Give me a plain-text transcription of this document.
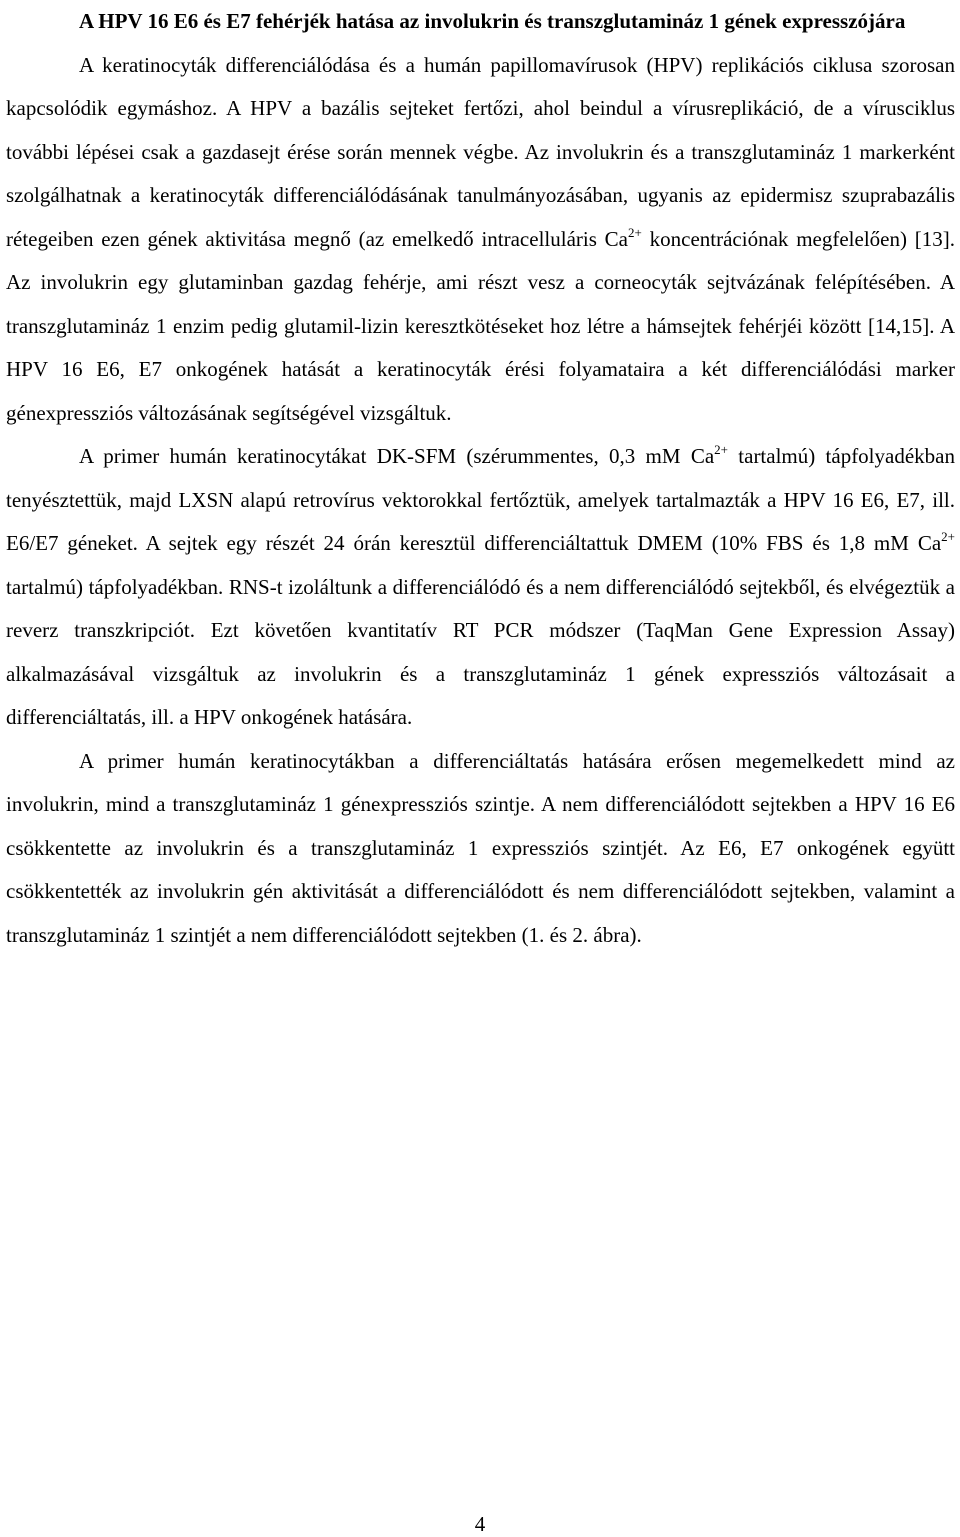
A HPV 16 E6 és E7 fehérjék hatása az involukrin és transzglutamináz 1 gének expresszójára

A keratinocyták differenciálódása és a humán papillomavírusok (HPV) replikációs ciklusa szorosan kapcsolódik egymáshoz. A HPV a bazális sejteket fertőzi, ahol beindul a vírusreplikáció, de a vírusciklus további lépései csak a gazdasejt érése során mennek végbe. Az involukrin és a transzglutamináz 1 markerként szolgálhatnak a keratinocyták differenciálódásának tanulmányozásában, ugyanis az epidermisz szuprabazális rétegeiben ezen gének aktivitása megnő (az emelkedő intracelluláris $Ca^{2+}$ koncentrációnak megfelelően) [13]. Az involukrin egy glutaminban gazdag fehérje, ami részt vesz a corneocyták sejtvázának felépítésében. A transzglutamináz 1 enzim pedig glutamil-lizin keresztkötéseket hoz létre a hámsejtek fehérjéi között [14,15]. A HPV 16 E6, E7 onkogének hatását a keratinocyták érési folyamataira a két differenciálódási marker génexpressziós változásának segítségével vizsgáltuk.

A primer humán keratinocytákat DK-SFM (szérummentes, 0,3 mM $Ca^{2+}$ tartalmú) tápfolyadékban tenyésztettük, majd LXSN alapú retrovírus vektorokkal fertőztük, amelyek tartalmazták a HPV 16 E6, E7, ill. E6/E7 géneket. A sejtek egy részét 24 órán keresztül differenciáltattuk DMEM (10% FBS és 1,8 mM $Ca^{2+}$ tartalmú) tápfolyadékban. RNS-t izoláltunk a differenciálódó és a nem differenciálódó sejtekből, és elvégeztük a reverz transzkripciót. Ezt követően kvantitatív RT PCR módszer (TaqMan Gene Expression Assay) alkalmazásával vizsgáltuk az involukrin és a transzglutamináz 1 gének expressziós változásait a differenciáltatás, ill. a HPV onkogének hatására.

A primer humán keratinocytákban a differenciáltatás hatására erősen megemelkedett mind az involukrin, mind a transzglutamináz 1 génexpressziós szintje. A nem differenciálódott sejtekben a HPV 16 E6 csökkentette az involukrin és a transzglutamináz 1 expressziós szintjét. Az E6, E7 onkogének együtt csökkentették az involukrin gén aktivitását a differenciálódott és nem differenciálódott sejtekben, valamint a transzglutamináz 1 szintjét a nem differenciálódott sejtekben (1. és 2. ábra).

4
